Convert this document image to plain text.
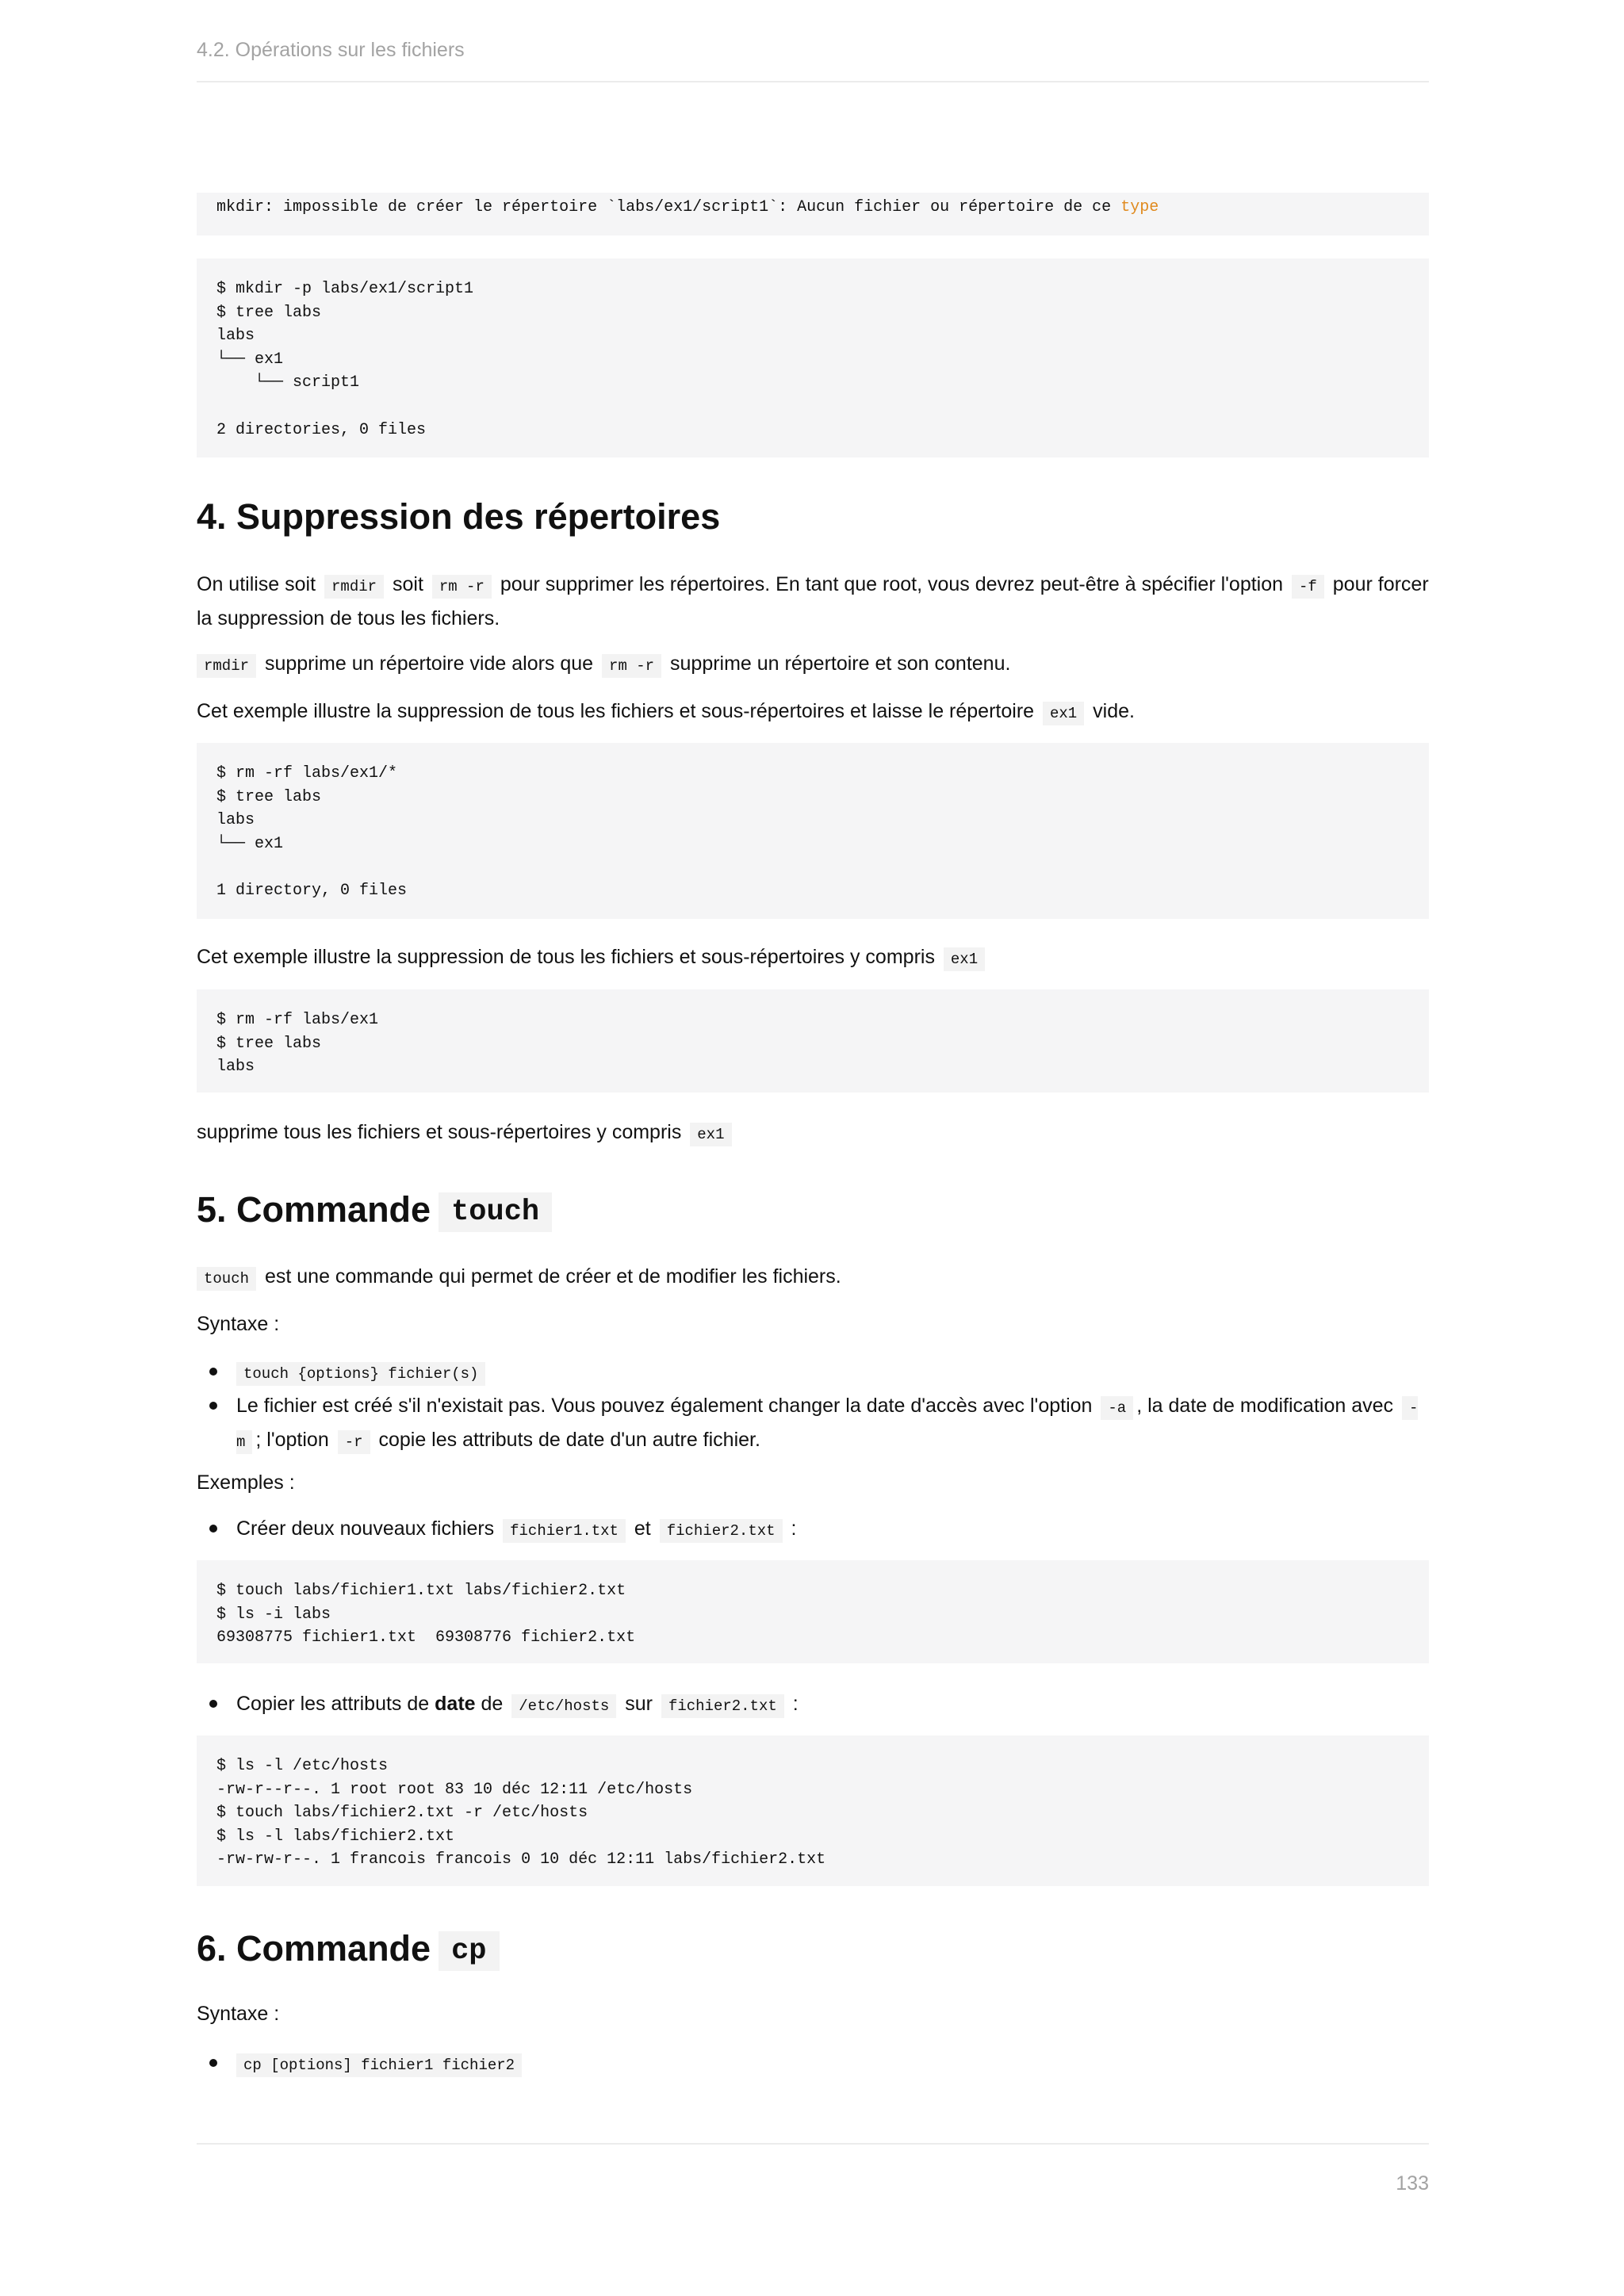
4.2. Opérations sur les fichiers
mkdir: impossible de créer le répertoire `labs/ex1/script1`: Aucun fichier ou répertoire de ce type
$ mkdir -p labs/ex1/script1
$ tree labs
labs
└── ex1
└── script1
2 directories, 0 files
4. Suppression des répertoires

On utilise soit rmdir soit rm -r pour supprimer les répertoires. En tant que root, vous devrez peut-être à spécifier l'option -f pour forcer la suppression de tous les fichiers.

rmdir supprime un répertoire vide alors que rm -r supprime un répertoire et son contenu.

Cet exemple illustre la suppression de tous les fichiers et sous-répertoires et laisse le répertoire ex1 vide.

$ rm -rf labs/ex1/*
$ tree labs
labs
└── ex1
1 directory, 0 files

Cet exemple illustre la suppression de tous les fichiers et sous-répertoires y compris ex1

$ rm -rf labs/ex1
$ tree labs
labs

supprime tous les fichiers et sous-répertoires y compris ex1

5. Commande touch

touch est une commande qui permet de créer et de modifier les fichiers.

Syntaxe :

touch {options} fichier(s)
Le fichier est créé s'il n'existait pas. Vous pouvez également changer la date d'accès avec l'option -a , la date de modification avec -m ; l'option -r copie les attributs de date d'un autre fichier.

Exemples :

Créer deux nouveaux fichiers fichier1.txt et fichier2.txt :
$ touch labs/fichier1.txt labs/fichier2.txt
$ ls -i labs
69308775 fichier1.txt  69308776 fichier2.txt
Copier les attributs de date de /etc/hosts sur fichier2.txt :
$ ls -l /etc/hosts
-rw-r--r--. 1 root root 83 10 déc 12:11 /etc/hosts
$ touch labs/fichier2.txt -r /etc/hosts
$ ls -l labs/fichier2.txt
-rw-rw-r--. 1 francois francois 0 10 déc 12:11 labs/fichier2.txt
6. Commande cp

Syntaxe :

cp [options] fichier1 fichier2
133
